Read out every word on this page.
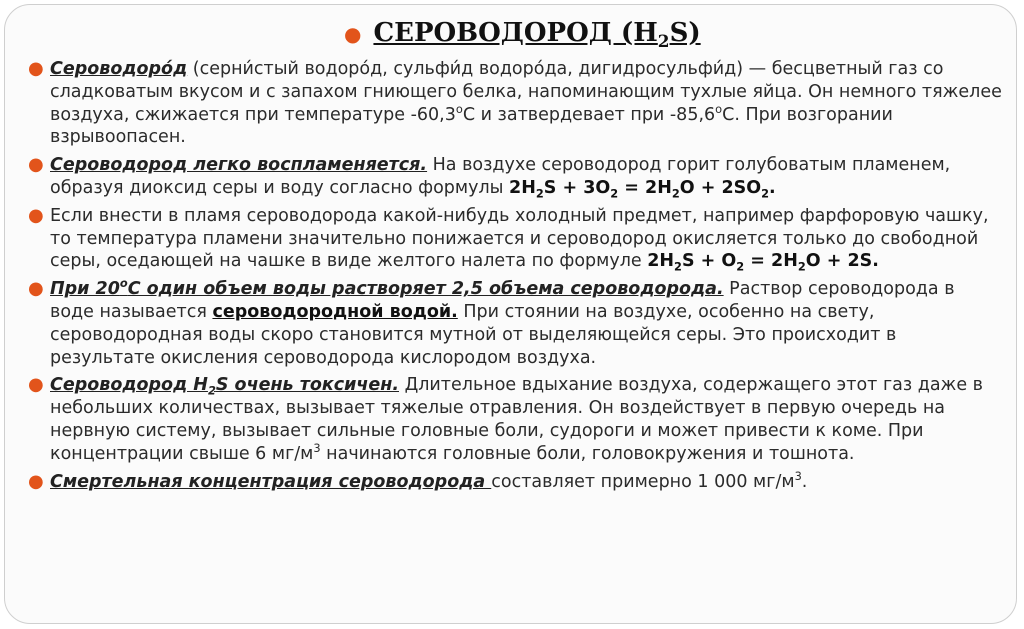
● СЕРОВОДОРОД $(H_2S)$
● Сероводоро́д (серни́стый водоро́д, сульфи́д водоро́да, дигидросульфи́д) — бесцветный газ со сладковатым вкусом и с запахом гниющего белка, напоминающим тухлые яйца. Он немного тяжелее воздуха, сжижается при температуре $-60,3^оС$ и затвердевает при $-85,6^оС$. При возгорании взрывоопасен.
● Сероводород легко воспламеняется. На воздухе сероводород горит голубоватым пламенем, образуя диоксид серы и воду согласно формулы $2H_2S + 3O_2 = 2H_2O + 2SO_2$.
● Если внести в пламя сероводорода какой-нибудь холодный предмет, например фарфоровую чашку, то температура пламени значительно понижается и сероводород окисляется только до свободной серы, оседающей на чашке в виде желтого налета по формуле $2H_2S + O_2 = 2H_2O + 2S$.
● При $20^оС$ один объем воды растворяет 2,5 объема сероводорода. Раствор сероводорода в воде называется сероводородной водой. При стоянии на воздухе, особенно на свету, сероводородная воды скоро становится мутной от выделяющейся серы. Это происходит в результате окисления сероводорода кислородом воздуха.
● Сероводород $H_2S$ очень токсичен. Длительное вдыхание воздуха, содержащего этот газ даже в небольших количествах, вызывает тяжелые отравления. Он воздействует в первую очередь на нервную систему, вызывает сильные головные боли, судороги и может привести к коме. При концентрации свыше 6 $мг/м^3$ начинаются головные боли, головокружения и тошнота.
● Смертельная концентрация сероводорода составляет примерно 1 000 $мг/м^3$.
